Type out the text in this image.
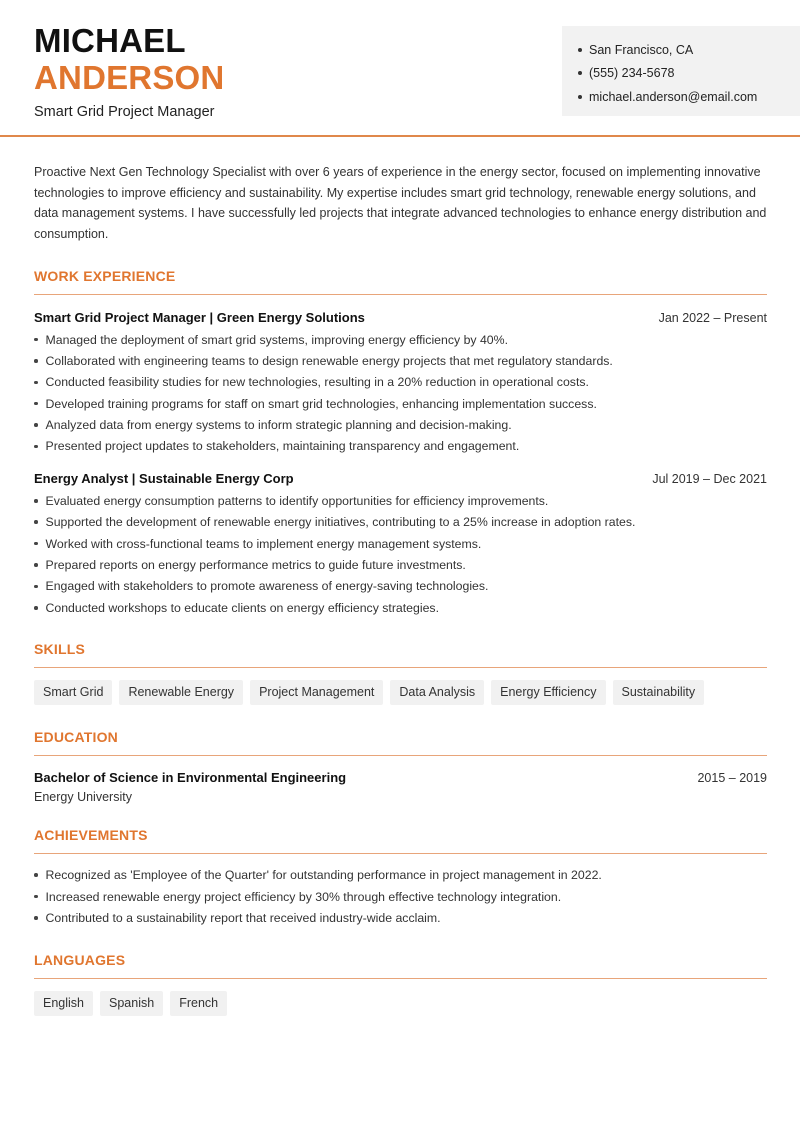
MICHAEL
ANDERSON
Smart Grid Project Manager
San Francisco, CA
(555) 234-5678
michael.anderson@email.com

Proactive Next Gen Technology Specialist with over 6 years of experience in the energy sector, focused on implementing innovative technologies to improve efficiency and sustainability. My expertise includes smart grid technology, renewable energy solutions, and data management systems. I have successfully led projects that integrate advanced technologies to enhance energy distribution and consumption.

WORK EXPERIENCE
Smart Grid Project Manager | Green Energy Solutions	Jan 2022 – Present
Managed the deployment of smart grid systems, improving energy efficiency by 40%.
Collaborated with engineering teams to design renewable energy projects that met regulatory standards.
Conducted feasibility studies for new technologies, resulting in a 20% reduction in operational costs.
Developed training programs for staff on smart grid technologies, enhancing implementation success.
Analyzed data from energy systems to inform strategic planning and decision-making.
Presented project updates to stakeholders, maintaining transparency and engagement.
Energy Analyst | Sustainable Energy Corp	Jul 2019 – Dec 2021
Evaluated energy consumption patterns to identify opportunities for efficiency improvements.
Supported the development of renewable energy initiatives, contributing to a 25% increase in adoption rates.
Worked with cross-functional teams to implement energy management systems.
Prepared reports on energy performance metrics to guide future investments.
Engaged with stakeholders to promote awareness of energy-saving technologies.
Conducted workshops to educate clients on energy efficiency strategies.
SKILLS
Smart Grid	Renewable Energy	Project Management	Data Analysis	Energy Efficiency	Sustainability
EDUCATION
Bachelor of Science in Environmental Engineering	2015 – 2019
Energy University
ACHIEVEMENTS
Recognized as 'Employee of the Quarter' for outstanding performance in project management in 2022.
Increased renewable energy project efficiency by 30% through effective technology integration.
Contributed to a sustainability report that received industry-wide acclaim.
LANGUAGES
English	Spanish	French
